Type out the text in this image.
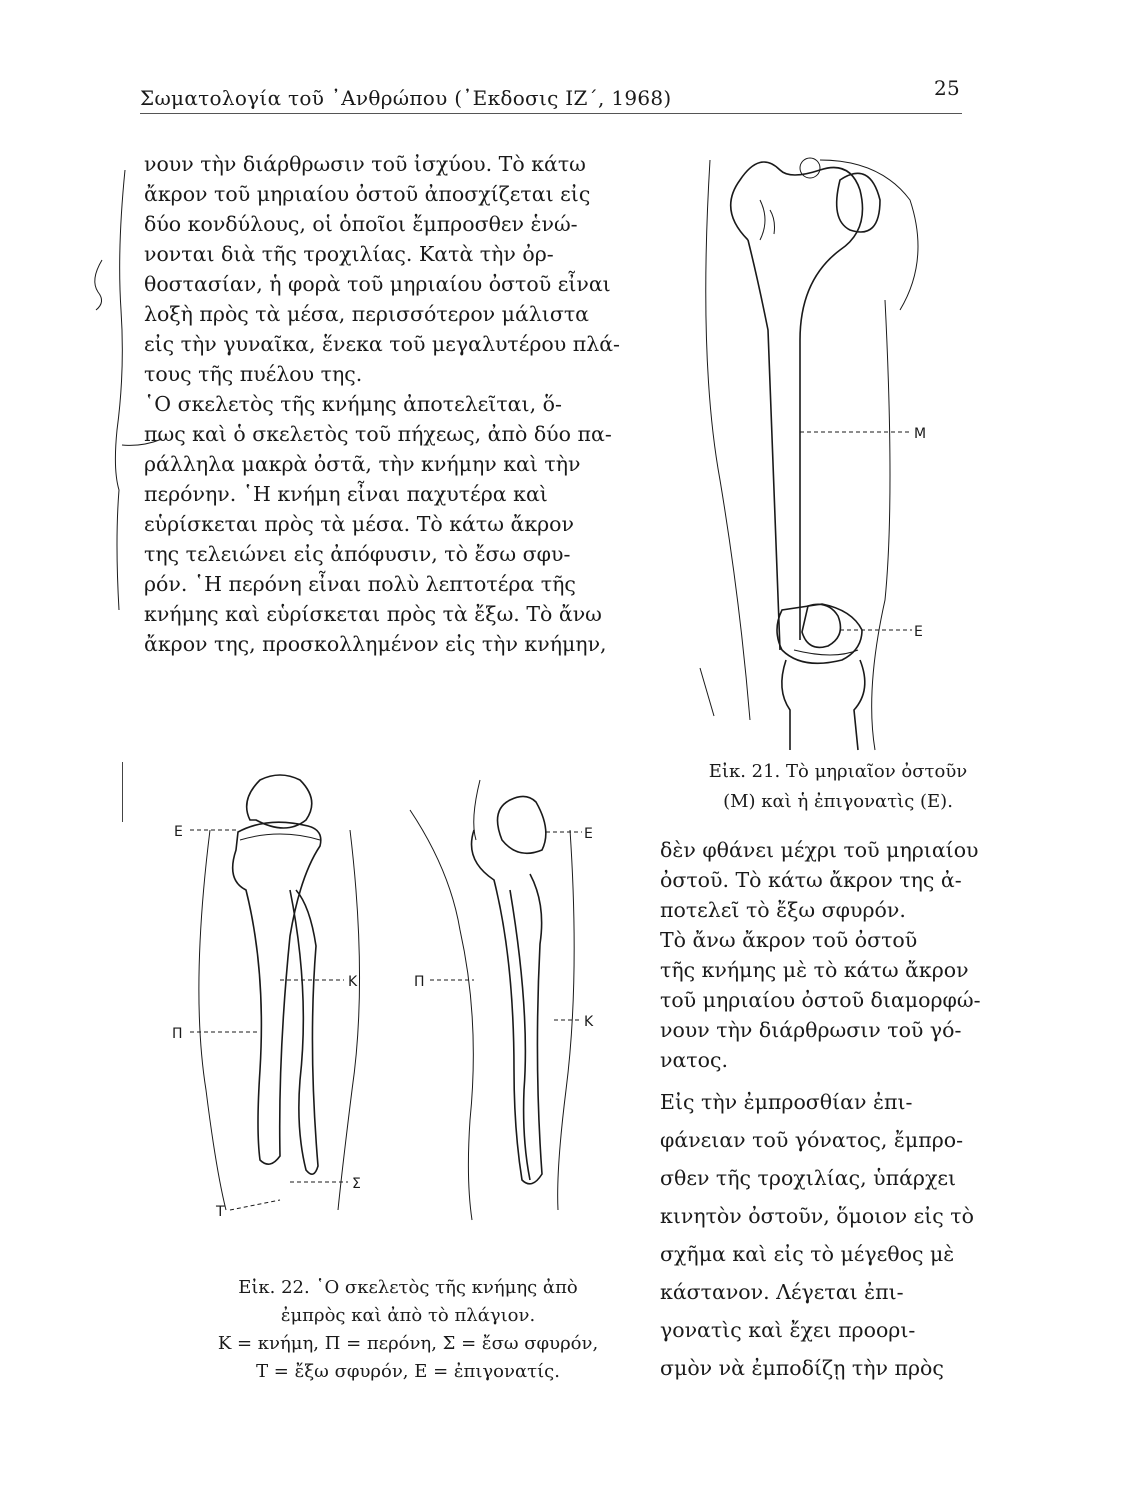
Σωματολογία τοῦ ᾿Ανθρώπου (᾿Εκδοσις ΙΖ΄, 1968)	25
νουν τὴν διάρθρωσιν τοῦ ἰσχύου. Τὸ κάτω
ἄκρον τοῦ μηριαίου ὀστοῦ ἀποσχίζεται εἰς
δύο κονδύλους, οἱ ὁποῖοι ἔμπροσθεν ἑνώ-
νονται διὰ τῆς τροχιλίας. Κατὰ τὴν ὀρ-
θοστασίαν, ἡ φορὰ τοῦ μηριαίου ὀστοῦ εἶναι
λοξὴ πρὸς τὰ μέσα, περισσότερον μάλιστα
εἰς τὴν γυναῖκα, ἕνεκα τοῦ μεγαλυτέρου πλά-
τους τῆς πυέλου της.
῾Ο σκελετὸς τῆς κνήμης ἀποτελεῖται, ὅ-
πως καὶ ὁ σκελετὸς τοῦ πήχεως, ἀπὸ δύο πα-
ράλληλα μακρὰ ὀστᾶ, τὴν κνήμην καὶ τὴν
περόνην. ῾Η κνήμη εἶναι παχυτέρα καὶ
εὑρίσκεται πρὸς τὰ μέσα. Τὸ κάτω ἄκρον
της τελειώνει εἰς ἀπόφυσιν, τὸ ἔσω σφυ-
ρόν. ῾Η περόνη εἶναι πολὺ λεπτοτέρα τῆς
κνήμης καὶ εὑρίσκεται πρὸς τὰ ἔξω. Τὸ ἄνω
ἄκρον της, προσκολλημένον εἰς τὴν κνήμην,
Μ
Ε
Εἰκ. 21. Τὸ μηριαῖον ὀστοῦν
(Μ) καὶ ἡ ἐπιγονατὶς (Ε).
Ε
Κ
Π
Σ
Τ
Ε
Π
Κ
Εἰκ. 22. ῾Ο σκελετὸς τῆς κνήμης ἀπὸ
ἐμπρὸς καὶ ἀπὸ τὸ πλάγιον.
Κ = κνήμη, Π = περόνη, Σ = ἔσω σφυρόν,
Τ = ἔξω σφυρόν, Ε = ἐπιγονατίς.
δὲν φθάνει μέχρι τοῦ μηριαίου
ὀστοῦ. Τὸ κάτω ἄκρον της ἀ-
ποτελεῖ τὸ ἔξω σφυρόν.
Τὸ ἄνω ἄκρον τοῦ ὀστοῦ
τῆς κνήμης μὲ τὸ κάτω ἄκρον
τοῦ μηριαίου ὀστοῦ διαμορφώ-
νουν τὴν διάρθρωσιν τοῦ γό-
νατος.
Εἰς τὴν ἐμπροσθίαν ἐπι-
φάνειαν τοῦ γόνατος, ἔμπρο-
σθεν τῆς τροχιλίας, ὑπάρχει
κινητὸν ὀστοῦν, ὅμοιον εἰς τὸ
σχῆμα καὶ εἰς τὸ μέγεθος μὲ
κάστανον. Λέγεται ἐπι-
γονατὶς καὶ ἔχει προορι-
σμὸν νὰ ἐμποδίζῃ τὴν πρὸς
